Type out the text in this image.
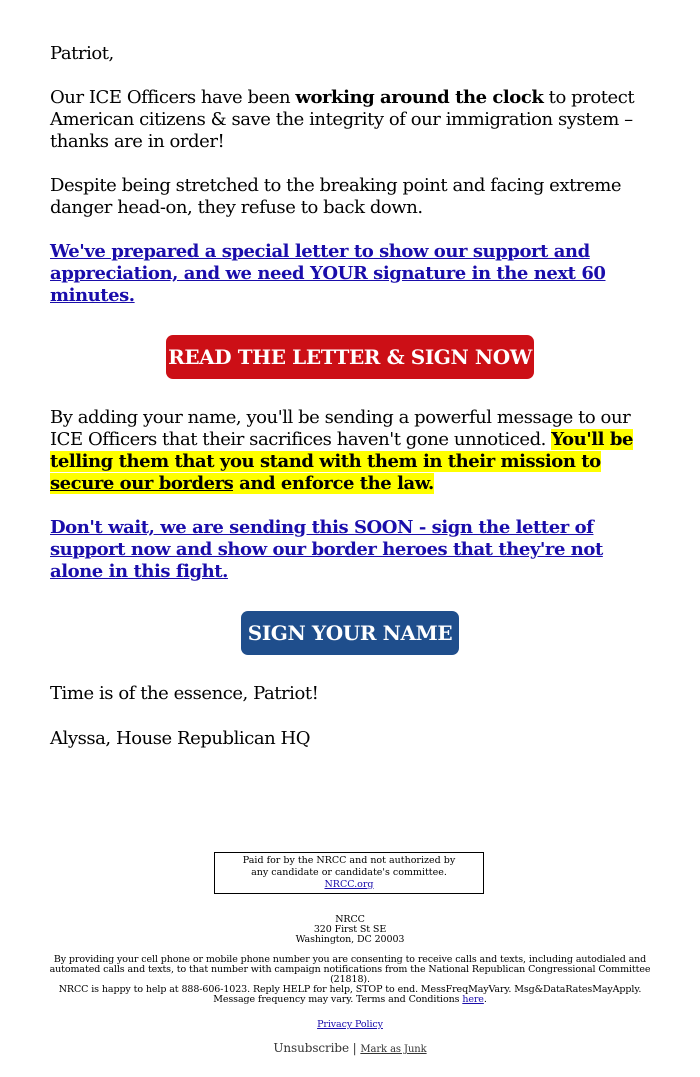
Patriot,

Our ICE Officers have been working around the clock to protect American citizens & save the integrity of our immigration system – thanks are in order!

Despite being stretched to the breaking point and facing extreme danger head-on, they refuse to back down.

We've prepared a special letter to show our support and appreciation, and we need YOUR signature in the next 60 minutes.
READ THE LETTER & SIGN NOW

By adding your name, you'll be sending a powerful message to our ICE Officers that their sacrifices haven't gone unnoticed. You'll be telling them that you stand with them in their mission to secure our borders and enforce the law.

Don't wait, we are sending this SOON - sign the letter of support now and show our border heroes that they're not alone in this fight.
SIGN YOUR NAME

Time is of the essence, Patriot!

Alyssa, House Republican HQ

Paid for by the NRCC and not authorized by any candidate or candidate's committee. NRCC.org
NRCC
320 First St SE
Washington, DC 20003
By providing your cell phone or mobile phone number you are consenting to receive calls and texts, including autodialed and automated calls and texts, to that number with campaign notifications from the National Republican Congressional Committee (21818).
NRCC is happy to help at 888-606-1023. Reply HELP for help, STOP to end. MessFreqMayVary. Msg&DataRatesMayApply. Message frequency may vary. Terms and Conditions here.
Privacy Policy
Unsubscribe | Mark as Junk
